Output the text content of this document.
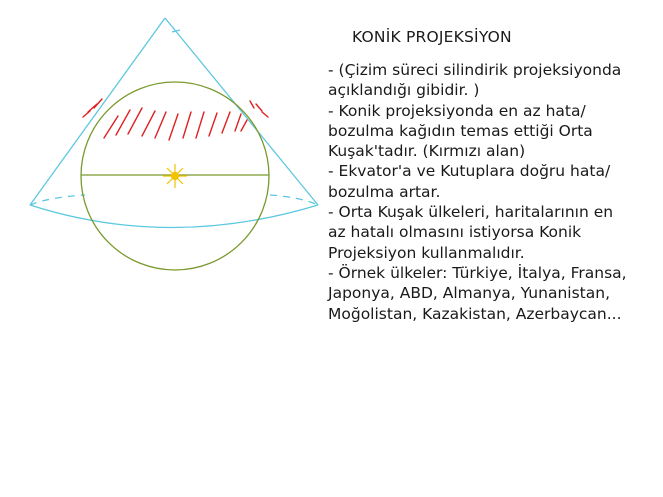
KONİK PROJEKSİYON
- (Çizim süreci silindirik projeksiyonda
açıklandığı gibidir. )
- Konik projeksiyonda en az hata/
bozulma kağıdın temas ettiği Orta
Kuşak'tadır. (Kırmızı alan)
- Ekvator'a ve Kutuplara doğru hata/
bozulma artar.
- Orta Kuşak ülkeleri, haritalarının en
az hatalı olmasını istiyorsa Konik
Projeksiyon kullanmalıdır.
- Örnek ülkeler: Türkiye, İtalya, Fransa,
Japonya, ABD, Almanya, Yunanistan,
Moğolistan, Kazakistan, Azerbaycan...
